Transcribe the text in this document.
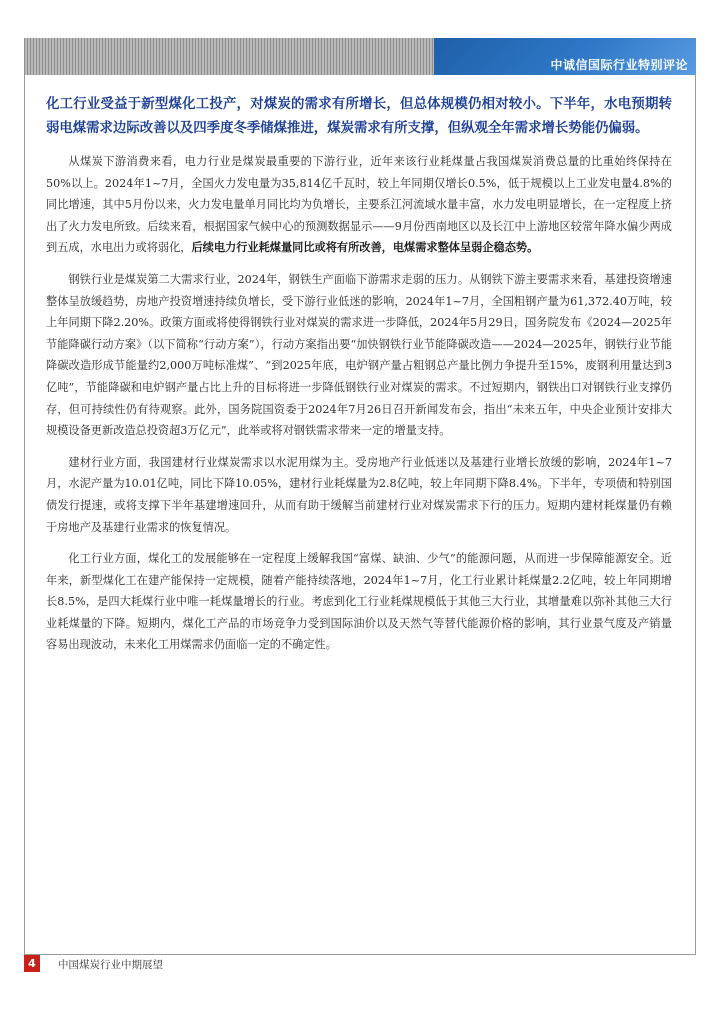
中诚信国际行业特别评论

化工行业受益于新型煤化工投产，对煤炭的需求有所增长，但总体规模仍相对较小。下半年，水电预期转弱电煤需求边际改善以及四季度冬季储煤推进，煤炭需求有所支撑，但纵观全年需求增长势能仍偏弱。

从煤炭下游消费来看，电力行业是煤炭最重要的下游行业，近年来该行业耗煤量占我国煤炭消费总量的比重始终保持在50%以上。2024年1~7月，全国火力发电量为35,814亿千瓦时，较上年同期仅增长0.5%，低于规模以上工业发电量4.8%的同比增速，其中5月份以来，火力发电量单月同比均为负增长，主要系江河流域水量丰富，水力发电明显增长，在一定程度上挤出了火力发电所致。后续来看，根据国家气候中心的预测数据显示——9月份西南地区以及长江中上游地区较常年降水偏少两成到五成，水电出力或将弱化，后续电力行业耗煤量同比或将有所改善，电煤需求整体呈弱企稳态势。

钢铁行业是煤炭第二大需求行业，2024年，钢铁生产面临下游需求走弱的压力。从钢铁下游主要需求来看，基建投资增速整体呈放缓趋势，房地产投资增速持续负增长，受下游行业低迷的影响，2024年1~7月，全国粗钢产量为61,372.40万吨，较上年同期下降2.20%。政策方面或将使得钢铁行业对煤炭的需求进一步降低，2024年5月29日，国务院发布《2024—2025年节能降碳行动方案》（以下简称“行动方案”），行动方案指出要“加快钢铁行业节能降碳改造——2024—2025年，钢铁行业节能降碳改造形成节能量约2,000万吨标准煤”、“到2025年底，电炉钢产量占粗钢总产量比例力争提升至15%，废钢利用量达到3亿吨”，节能降碳和电炉钢产量占比上升的目标将进一步降低钢铁行业对煤炭的需求。不过短期内，钢铁出口对钢铁行业支撑仍存，但可持续性仍有待观察。此外，国务院国资委于2024年7月26日召开新闻发布会，指出“未来五年，中央企业预计安排大规模设备更新改造总投资超3万亿元”，此举或将对钢铁需求带来一定的增量支持。

建材行业方面，我国建材行业煤炭需求以水泥用煤为主。受房地产行业低迷以及基建行业增长放缓的影响，2024年1~7月，水泥产量为10.01亿吨，同比下降10.05%，建材行业耗煤量为2.8亿吨，较上年同期下降8.4%。下半年，专项债和特别国债发行提速，或将支撑下半年基建增速回升，从而有助于缓解当前建材行业对煤炭需求下行的压力。短期内建材耗煤量仍有赖于房地产及基建行业需求的恢复情况。

化工行业方面，煤化工的发展能够在一定程度上缓解我国“富煤、缺油、少气”的能源问题，从而进一步保障能源安全。近年来，新型煤化工在建产能保持一定规模，随着产能持续落地，2024年1~7月，化工行业累计耗煤量2.2亿吨，较上年同期增长8.5%，是四大耗煤行业中唯一耗煤量增长的行业。考虑到化工行业耗煤规模低于其他三大行业，其增量难以弥补其他三大行业耗煤量的下降。短期内，煤化工产品的市场竞争力受到国际油价以及天然气等替代能源价格的影响，其行业景气度及产销量容易出现波动，未来化工用煤需求仍面临一定的不确定性。

4	中国煤炭行业中期展望
